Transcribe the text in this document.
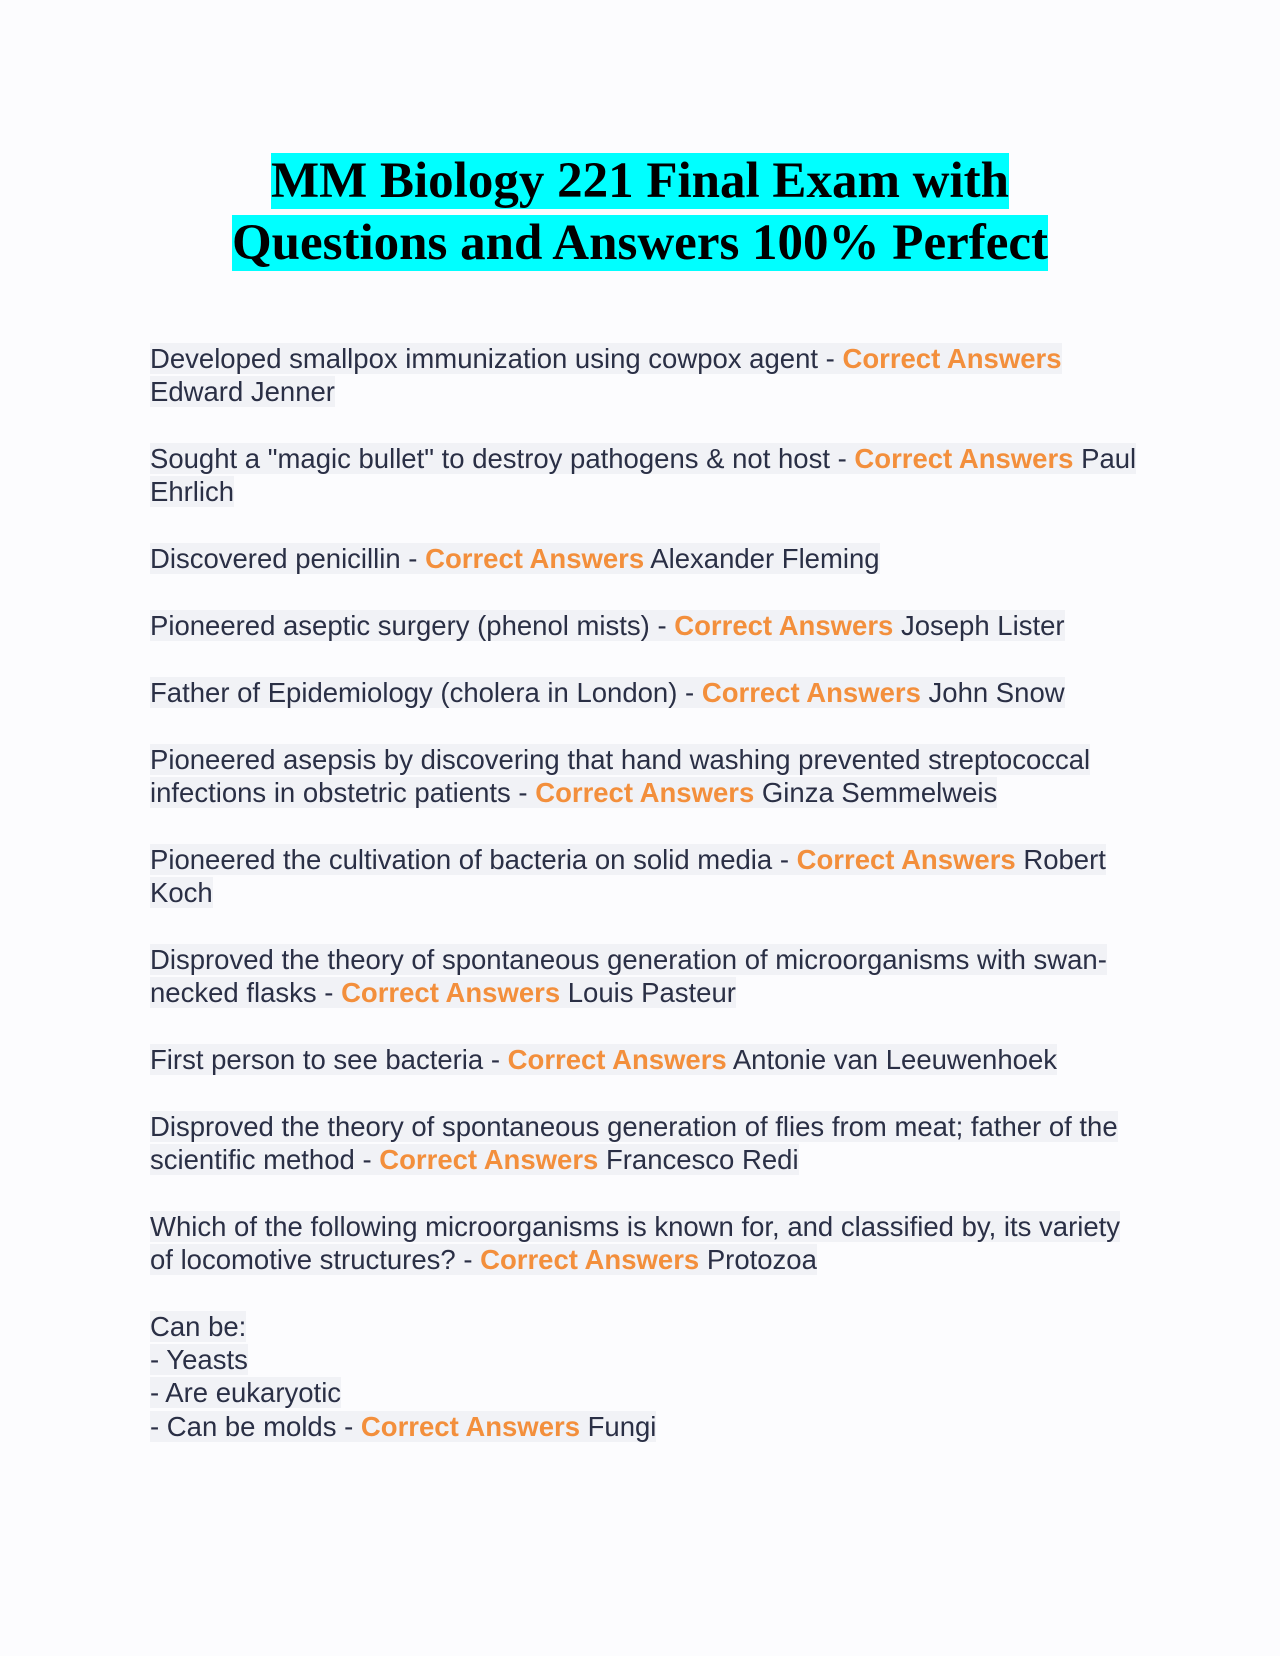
MM Biology 221 Final Exam with
Questions and Answers 100% Perfect
Developed smallpox immunization using cowpox agent - Correct Answers Edward Jenner
Sought a "magic bullet" to destroy pathogens & not host - Correct Answers Paul Ehrlich
Discovered penicillin - Correct Answers Alexander Fleming
Pioneered aseptic surgery (phenol mists) - Correct Answers Joseph Lister
Father of Epidemiology (cholera in London) - Correct Answers John Snow
Pioneered asepsis by discovering that hand washing prevented streptococcal infections in obstetric patients - Correct Answers Ginza Semmelweis
Pioneered the cultivation of bacteria on solid media - Correct Answers Robert Koch
Disproved the theory of spontaneous generation of microorganisms with swan-necked flasks - Correct Answers Louis Pasteur
First person to see bacteria - Correct Answers Antonie van Leeuwenhoek
Disproved the theory of spontaneous generation of flies from meat; father of the scientific method - Correct Answers Francesco Redi
Which of the following microorganisms is known for, and classified by, its variety of locomotive structures? - Correct Answers Protozoa
Can be:
- Yeasts
- Are eukaryotic
- Can be molds - Correct Answers Fungi
